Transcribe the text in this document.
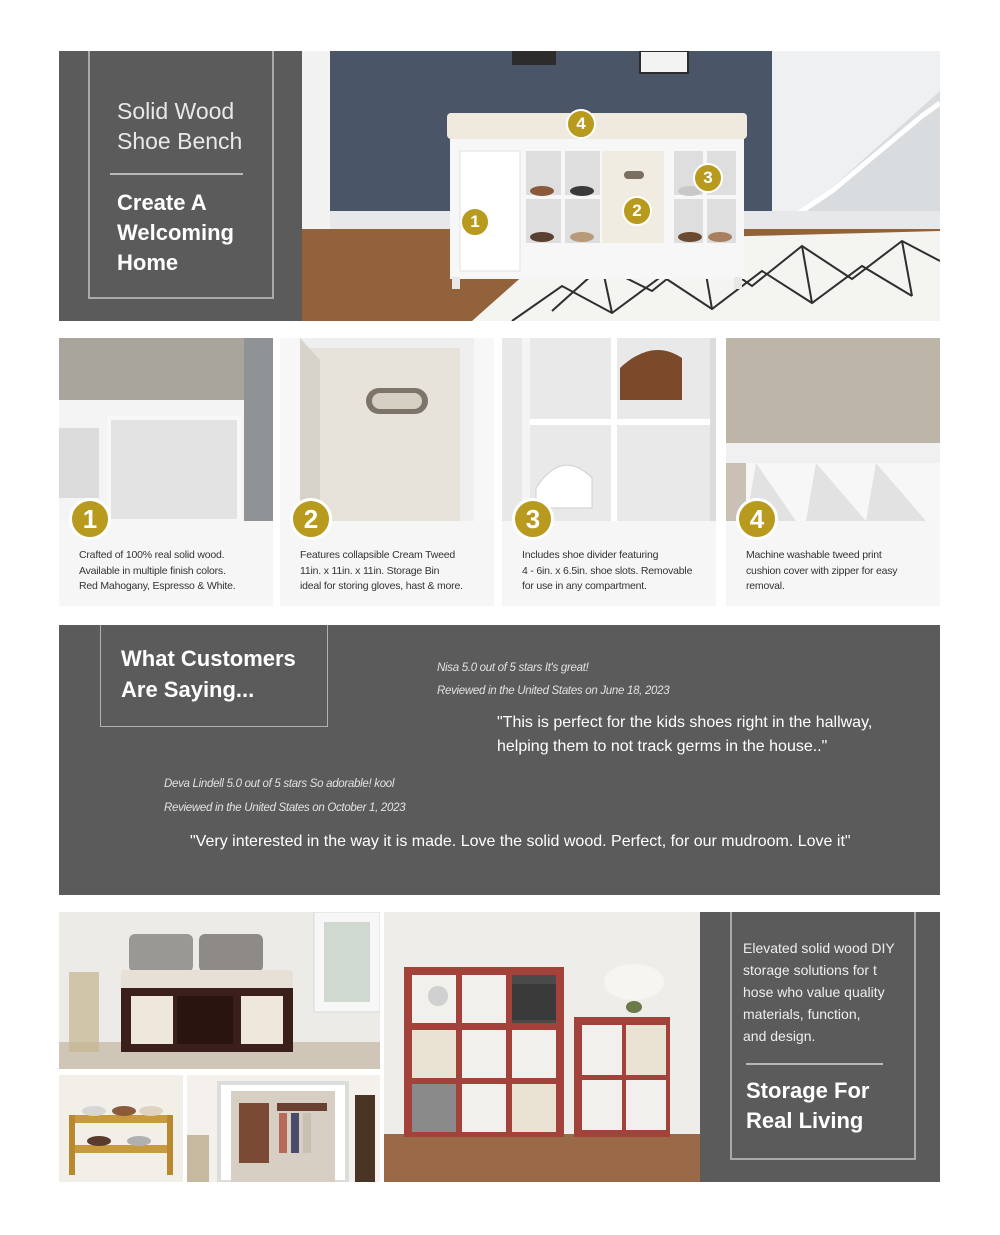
Solid Wood
Shoe Bench
Create A
Welcoming
Home
1
2
3
4
1
Crafted of 100% real solid wood.
Available in multiple finish colors.
Red Mahogany, Espresso & White.
2
Features collapsible Cream Tweed
11in. x 11in. x 11in. Storage Bin
ideal for storing gloves, hast & more.
3
Includes shoe divider featuring
4 - 6in. x 6.5in. shoe slots. Removable
for use in any compartment.
4
Machine washable tweed print
cushion cover with zipper for easy
removal.
What Customers
Are Saying...
Nisa 5.0 out of 5 stars It's great!
Reviewed in the United States on June 18, 2023
"This is perfect for the kids shoes right in the hallway,
helping them to not track germs in the house.."
Deva Lindell 5.0 out of 5 stars So adorable! kool
Reviewed in the United States on October 1, 2023
"Very interested in the way it is made. Love the solid wood. Perfect, for our mudroom. Love it"
Elevated solid wood DIY
storage solutions for t
hose who value quality
materials, function,
and design.
Storage For
Real Living
